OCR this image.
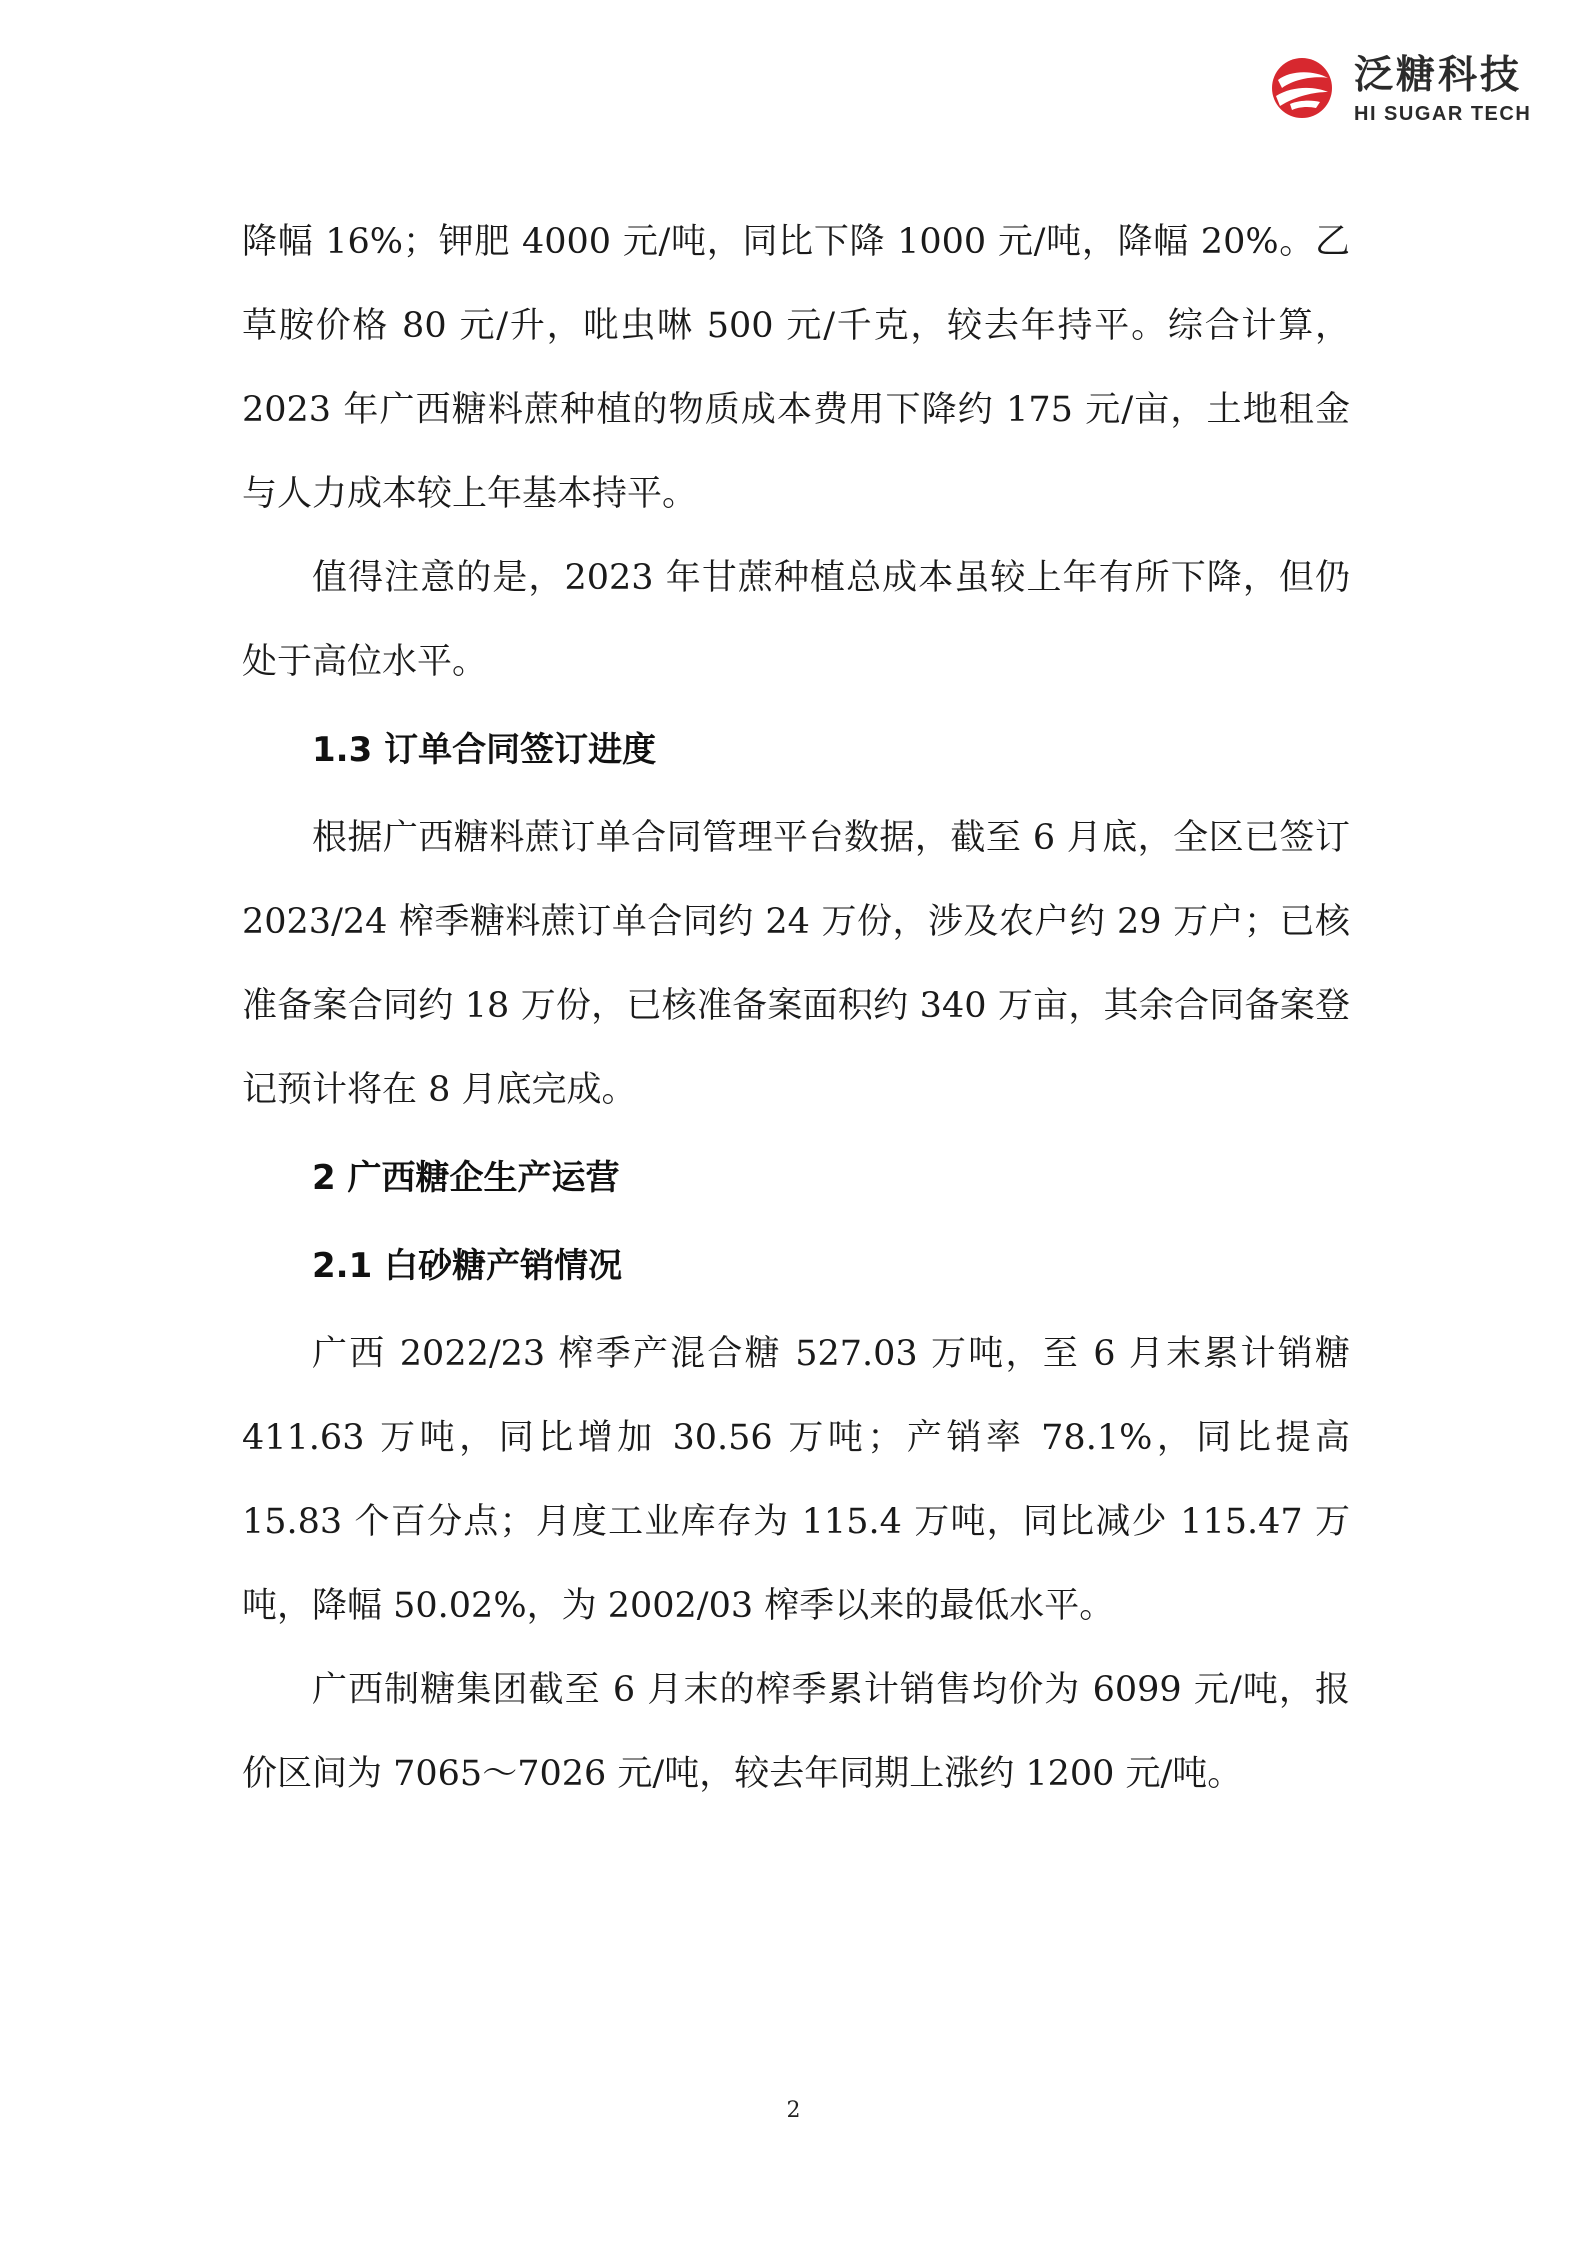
泛糖科技
HI SUGAR TECH

降幅 16%；钾肥 4000 元/吨，同比下降 1000 元/吨，降幅 20%。乙草胺价格 80 元/升，吡虫啉 500 元/千克，较去年持平。综合计算，2023 年广西糖料蔗种植的物质成本费用下降约 175 元/亩，土地租金与人力成本较上年基本持平。

值得注意的是，2023 年甘蔗种植总成本虽较上年有所下降，但仍处于高位水平。

1.3 订单合同签订进度

根据广西糖料蔗订单合同管理平台数据，截至 6 月底，全区已签订 2023/24 榨季糖料蔗订单合同约 24 万份，涉及农户约 29 万户；已核准备案合同约 18 万份，已核准备案面积约 340 万亩，其余合同备案登记预计将在 8 月底完成。

2 广西糖企生产运营
2.1 白砂糖产销情况

广西 2022/23 榨季产混合糖 527.03 万吨，至 6 月末累计销糖 411.63 万吨，同比增加 30.56 万吨；产销率 78.1%，同比提高 15.83 个百分点；月度工业库存为 115.4 万吨，同比减少 115.47 万吨，降幅 50.02%，为 2002/03 榨季以来的最低水平。

广西制糖集团截至 6 月末的榨季累计销售均价为 6099 元/吨，报价区间为 7065～7026 元/吨，较去年同期上涨约 1200 元/吨。

2
